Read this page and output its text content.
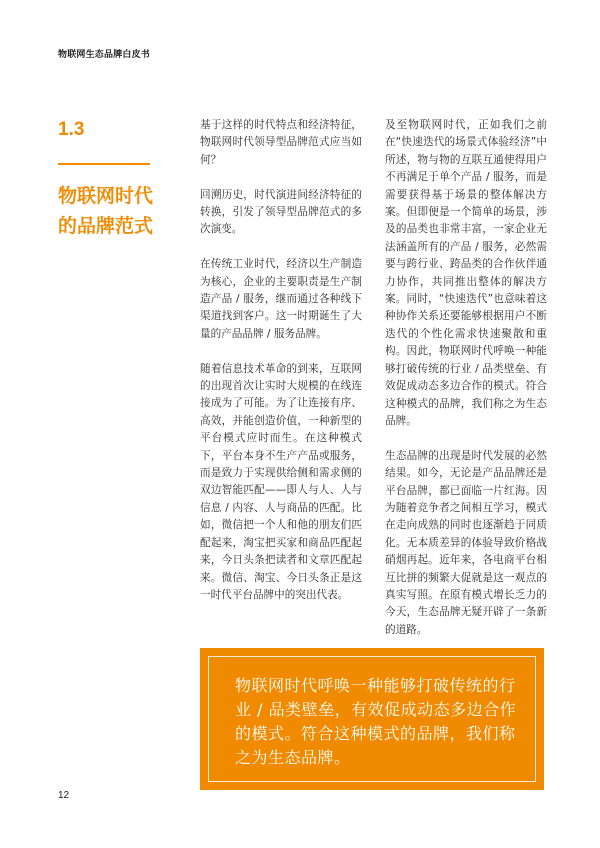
物联网生态品牌白皮书
1.3
物联网时代的品牌范式

基于这样的时代特点和经济特征，物联网时代领导型品牌范式应当如何？

回溯历史，时代演进间经济特征的转换，引发了领导型品牌范式的多次演变。

在传统工业时代，经济以生产制造为核心，企业的主要职责是生产制造产品 / 服务，继而通过各种线下渠道找到客户。这一时期诞生了大量的产品品牌 / 服务品牌。

随着信息技术革命的到来，互联网的出现首次让实时大规模的在线连接成为了可能。为了让连接有序、高效，并能创造价值，一种新型的平台模式应时而生。在这种模式下，平台本身不生产产品或服务，而是致力于实现供给侧和需求侧的双边智能匹配——即人与人、人与信息 / 内容、人与商品的匹配。比如，微信把一个人和他的朋友们匹配起来，淘宝把买家和商品匹配起来，今日头条把读者和文章匹配起来。微信、淘宝、今日头条正是这一时代平台品牌中的突出代表。

及至物联网时代，正如我们之前在“快速迭代的场景式体验经济”中所述，物与物的互联互通使得用户不再满足于单个产品 / 服务，而是需要获得基于场景的整体解决方案。但即便是一个简单的场景，涉及的品类也非常丰富，一家企业无法涵盖所有的产品 / 服务，必然需要与跨行业、跨品类的合作伙伴通力协作，共同推出整体的解决方案。同时，“快速迭代”也意味着这种协作关系还要能够根据用户不断迭代的个性化需求快速聚散和重构。因此，物联网时代呼唤一种能够打破传统的行业 / 品类壁垒、有效促成动态多边合作的模式。符合这种模式的品牌，我们称之为生态品牌。

生态品牌的出现是时代发展的必然结果。如今，无论是产品品牌还是平台品牌，都已面临一片红海。因为随着竞争者之间相互学习，模式在走向成熟的同时也逐渐趋于同质化。无本质差异的体验导致价格战硝烟再起。近年来，各电商平台相互比拼的频繁大促就是这一观点的真实写照。在原有模式增长乏力的今天，生态品牌无疑开辟了一条新的道路。

物联网时代呼唤一种能够打破传统的行业 / 品类壁垒，有效促成动态多边合作的模式。符合这种模式的品牌，我们称之为生态品牌。
12
